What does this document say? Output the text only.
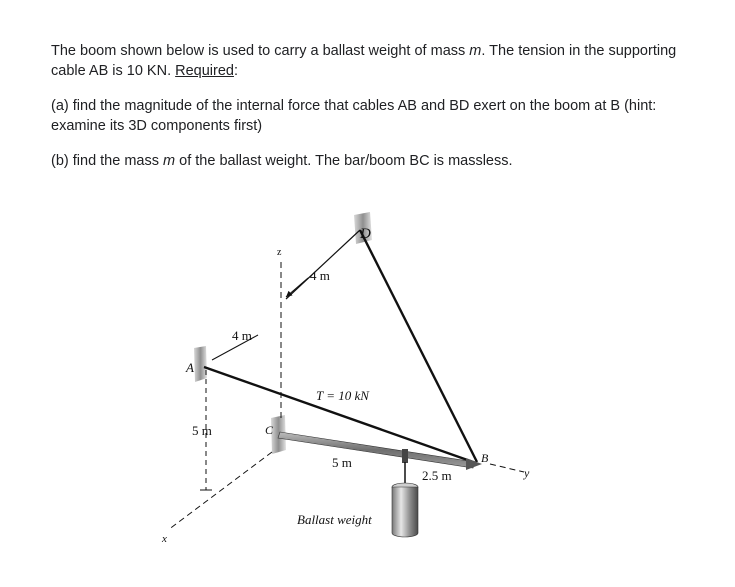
The boom shown below is used to carry a ballast weight of mass m. The tension in the supporting cable AB is 10 KN. Required:

(a) find the magnitude of the internal force that cables AB and BD exert on the boom at B (hint: examine its 3D components first)

(b) find the mass m of the ballast weight. The bar/boom BC is massless.

D
z
4 m
4 m
A
T = 10 kN
5 m	C
5 m	B
2.5 m	y
Ballast weight
x
